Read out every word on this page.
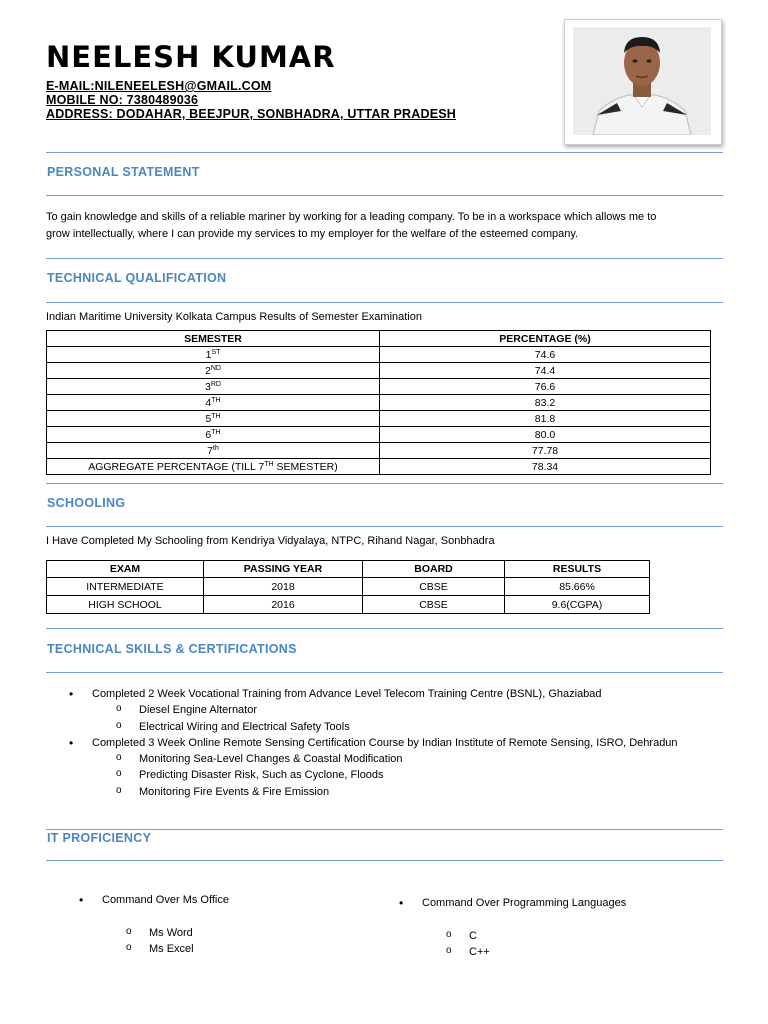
NEELESH KUMAR
E-MAIL:NILENEELESH@GMAIL.COM
MOBILE NO: 7380489036
ADDRESS: DODAHAR, BEEJPUR, SONBHADRA, UTTAR PRADESH
PERSONAL STATEMENT
To gain knowledge and skills of a reliable mariner by working for a leading company. To be in a workspace which allows me to
grow intellectually, where I can provide my services to my employer for the welfare of the esteemed company.
TECHNICAL QUALIFICATION
Indian Maritime University Kolkata Campus Results of Semester Examination
SEMESTER	PERCENTAGE (%)
1ST	74.6
2ND	74.4
3RD	76.6
4TH	83.2
5TH	81.8
6TH	80.0
7th	77.78
AGGREGATE PERCENTAGE (TILL 7TH SEMESTER)	78.34
SCHOOLING
I Have Completed My Schooling from Kendriya Vidyalaya, NTPC, Rihand Nagar, Sonbhadra
EXAM	PASSING YEAR	BOARD	RESULTS
INTERMEDIATE	2018	CBSE	85.66%
HIGH SCHOOL	2016	CBSE	9.6(CGPA)
TECHNICAL SKILLS & CERTIFICATIONS
• Completed 2 Week Vocational Training from Advance Level Telecom Training Centre (BSNL), Ghaziabad
o Diesel Engine Alternator
o Electrical Wiring and Electrical Safety Tools
• Completed 3 Week Online Remote Sensing Certification Course by Indian Institute of Remote Sensing, ISRO, Dehradun
o Monitoring Sea-Level Changes & Coastal Modification
o Predicting Disaster Risk, Such as Cyclone, Floods
o Monitoring Fire Events & Fire Emission
IT PROFICIENCY
• Command Over Ms Office
o Ms Word
o Ms Excel
• Command Over Programming Languages
o C
o C++
